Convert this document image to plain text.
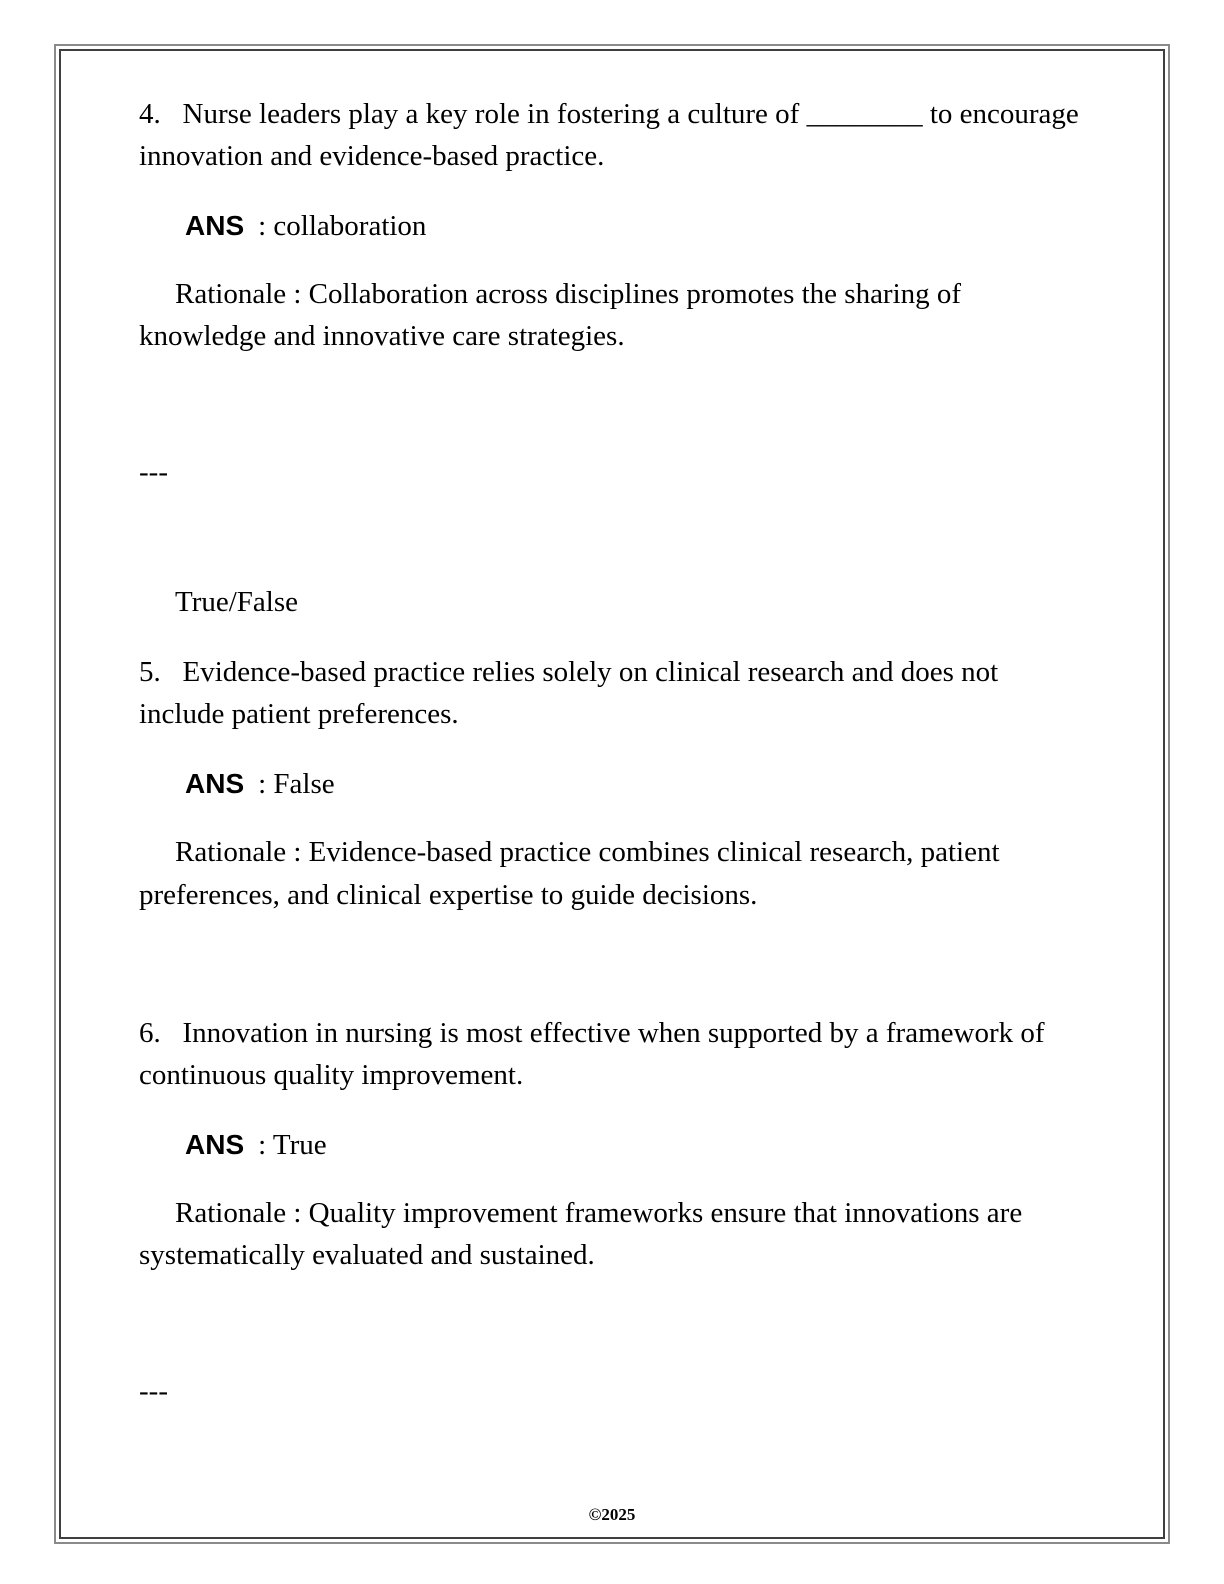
4.   Nurse leaders play a key role in fostering a culture of ________ to encourage innovation and evidence-based practice.

ANS : collaboration

Rationale : Collaboration across disciplines promotes the sharing of knowledge and innovative care strategies.

---

True/False

5.   Evidence-based practice relies solely on clinical research and does not include patient preferences.

ANS : False

Rationale : Evidence-based practice combines clinical research, patient preferences, and clinical expertise to guide decisions.

6.   Innovation in nursing is most effective when supported by a framework of continuous quality improvement.

ANS : True

Rationale : Quality improvement frameworks ensure that innovations are systematically evaluated and sustained.

---

©2025
